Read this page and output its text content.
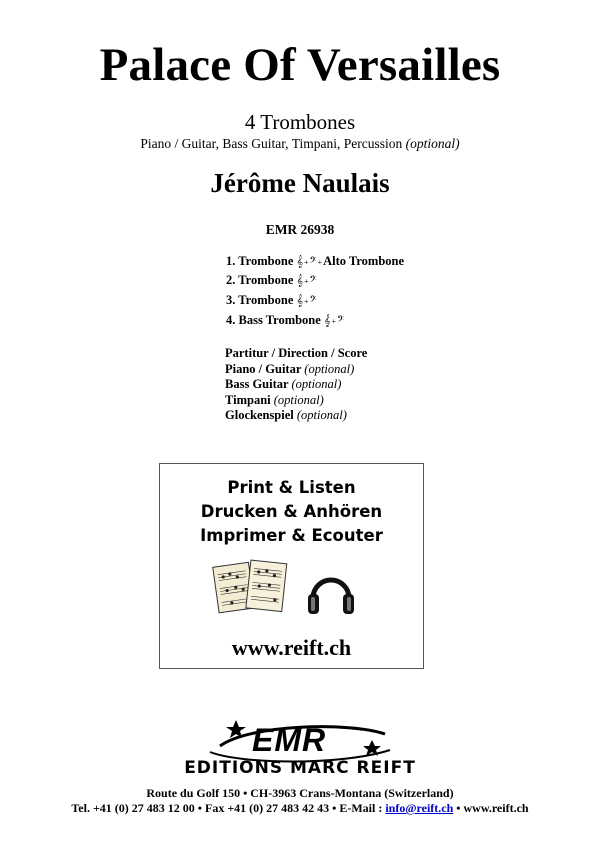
Palace Of Versailles
4 Trombones
Piano / Guitar, Bass Guitar, Timpani, Percussion (optional)
Jérôme Naulais
EMR 26938
1. Trombone 𝄞+𝄢+Alto Trombone
2. Trombone 𝄞+𝄢
3. Trombone 𝄞+𝄢
4. Bass Trombone 𝄞+𝄢
Partitur / Direction / Score
Piano / Guitar (optional)
Bass Guitar (optional)
Timpani (optional)
Glockenspiel (optional)
Print & Listen
Drucken & Anhören
Imprimer & Ecouter
www.reift.ch
EMR
EDITIONS MARC REIFT
Route du Golf 150 • CH-3963 Crans-Montana (Switzerland)
Tel. +41 (0) 27 483 12 00 • Fax +41 (0) 27 483 42 43 • E-Mail : info@reift.ch • www.reift.ch
